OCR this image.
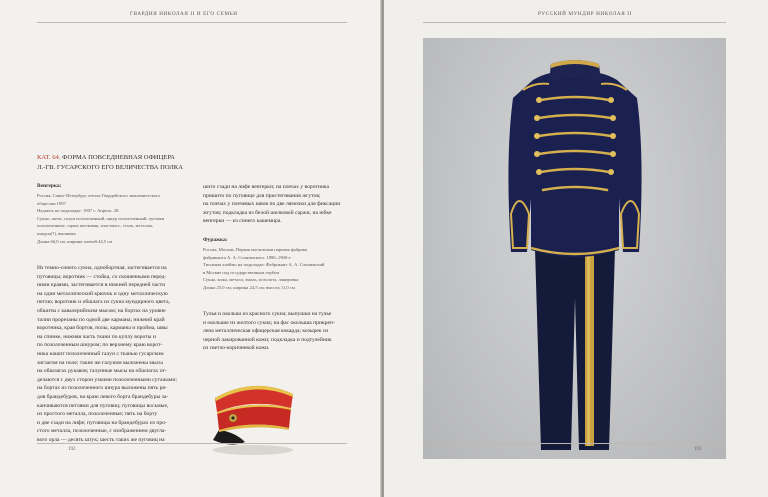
ГВАРДИЯ НИКОЛАЯ II И ЕГО СЕМЬИ
КАТ. 64. ФОРМА ПОВСЕДНЕВНАЯ ОФИЦЕРА
Л.-ГВ. ГУСАРСКОГО ЕГО ВЕЛИЧЕСТВА ПОЛКА
Венгерка:
Россия, Санкт-Петербург, ателье Гвардейского экономического
общества 1907
Надпись на подкладке: 1907 г. Апрель. 28.
Сукно, шелк, галун позолоченный, шнур позолоченный, пуговки
позолоченные, саржа шелковая, пластмасс, сталь, металлы,
шнуры(?), вышивка
Длина 66,0 см; ширина плечей 44,5 см
Из темно-синего сукна, однобортная, застегивается на
пуговицы; воротник — стойка, со скошенными перед-
ними краями, застегивается в нижней передней части
на один металлический крючок и одну металлическую
петлю; воротник и обшлага из сукна мундирного цвета,
обшиты с кавалерийским мысом; на бортах на уровне
талии прорезаны по одной две кармана; нижний край
воротника, края бортов, полы, карманы и пройма, швы
на спинке, нижняя часть ткани по куплу вороты и
по позолоченным шнуром; по верхнему краю ворот-
ника нашит позолоченный галун с тканью гусарским
зигзагом на поле; такие же галуном выложены мысы
на обшлагах рукавов; галунные мысы на обшлагах от-
делаются с двух сторон узкими позолоченными сутажами;
на бортах из позолоченного шнура выложены пять ря-
дов брандебуров, на краю левого борта брандебуры за-
канчиваются петлями для пуговиц; пуговицы восьмые,
из простого металла, позолоченные; пять на борту
и две сзади на лифе; пуговицы на брандебурах из про-
стого металла, позолоченные, с изображением двугла-
вого орла — десять штук; шесть таких же пуговиц на
шито сзади на лифе венгерки; на плечах у воротника
пришито по пуговице для пристегивания жгутов;
на плечах у плечевых швов по две лямочки для фиксации
жгутов; подкладка из белой шелковой саржи, на юбке
венгерки — из синего кашемира.
Фуражка:
Россия, Москва, Первая московская паровая фабрика
фабриканта А. А. Слонимского. 1890–1900-е
Тисненая клеймо на подкладке: Фабрикант А. А. Слонимский
в Москве под государственным гербом
Сукно, кожа, металл, эмаль, позолота, лакировка
Длина 25,0 см; ширина 24,5 см; высота 11,0 см
Тулья и околыш из красного сукна; выпушки на тулье
и околыше из желтого сукна; на фас околыша прикреп-
лена металлическая офицерская кокарда; козырек из
черной лакированной кожи; подкладка и подтулейник
из светло-коричневой кожи.
192
РУССКИЙ МУНДИР НИКОЛАЯ II
193
